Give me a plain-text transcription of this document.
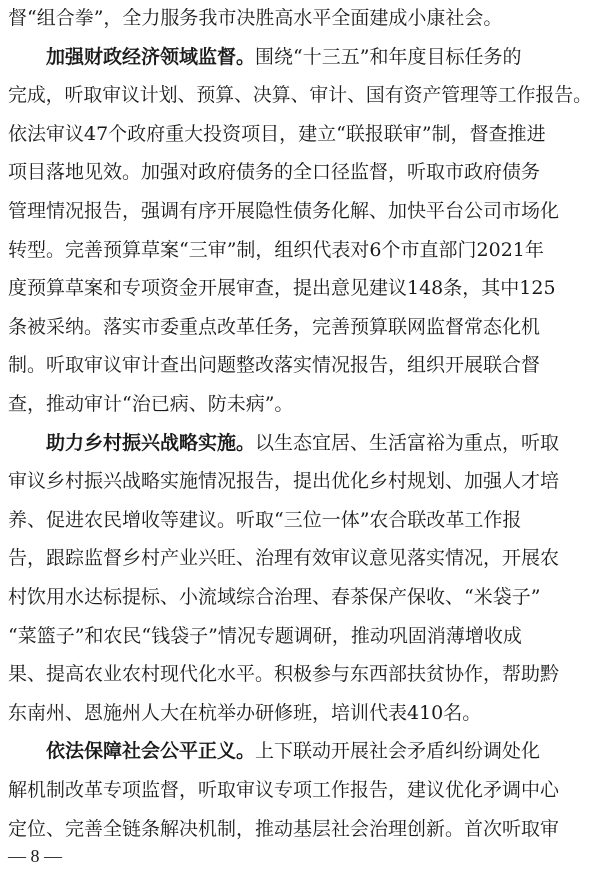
督“组合拳”，全力服务我市决胜高水平全面建成小康社会。
加强财政经济领域监督。围绕“十三五”和年度目标任务的
完成，听取审议计划、预算、决算、审计、国有资产管理等工作报告。
依法审议47个政府重大投资项目，建立“联报联审”制，督查推进
项目落地见效。加强对政府债务的全口径监督，听取市政府债务
管理情况报告，强调有序开展隐性债务化解、加快平台公司市场化
转型。完善预算草案“三审”制，组织代表对6个市直部门2021年
度预算草案和专项资金开展审查，提出意见建议148条，其中125
条被采纳。落实市委重点改革任务，完善预算联网监督常态化机
制。听取审议审计查出问题整改落实情况报告，组织开展联合督
查，推动审计“治已病、防未病”。
助力乡村振兴战略实施。以生态宜居、生活富裕为重点，听取
审议乡村振兴战略实施情况报告，提出优化乡村规划、加强人才培
养、促进农民增收等建议。听取“三位一体”农合联改革工作报
告，跟踪监督乡村产业兴旺、治理有效审议意见落实情况，开展农
村饮用水达标提标、小流域综合治理、春茶保产保收、“米袋子”
“菜篮子”和农民“钱袋子”情况专题调研，推动巩固消薄增收成
果、提高农业农村现代化水平。积极参与东西部扶贫协作，帮助黔
东南州、恩施州人大在杭举办研修班，培训代表410名。
依法保障社会公平正义。上下联动开展社会矛盾纠纷调处化
解机制改革专项监督，听取审议专项工作报告，建议优化矛调中心
定位、完善全链条解决机制，推动基层社会治理创新。首次听取审
— 8 —
